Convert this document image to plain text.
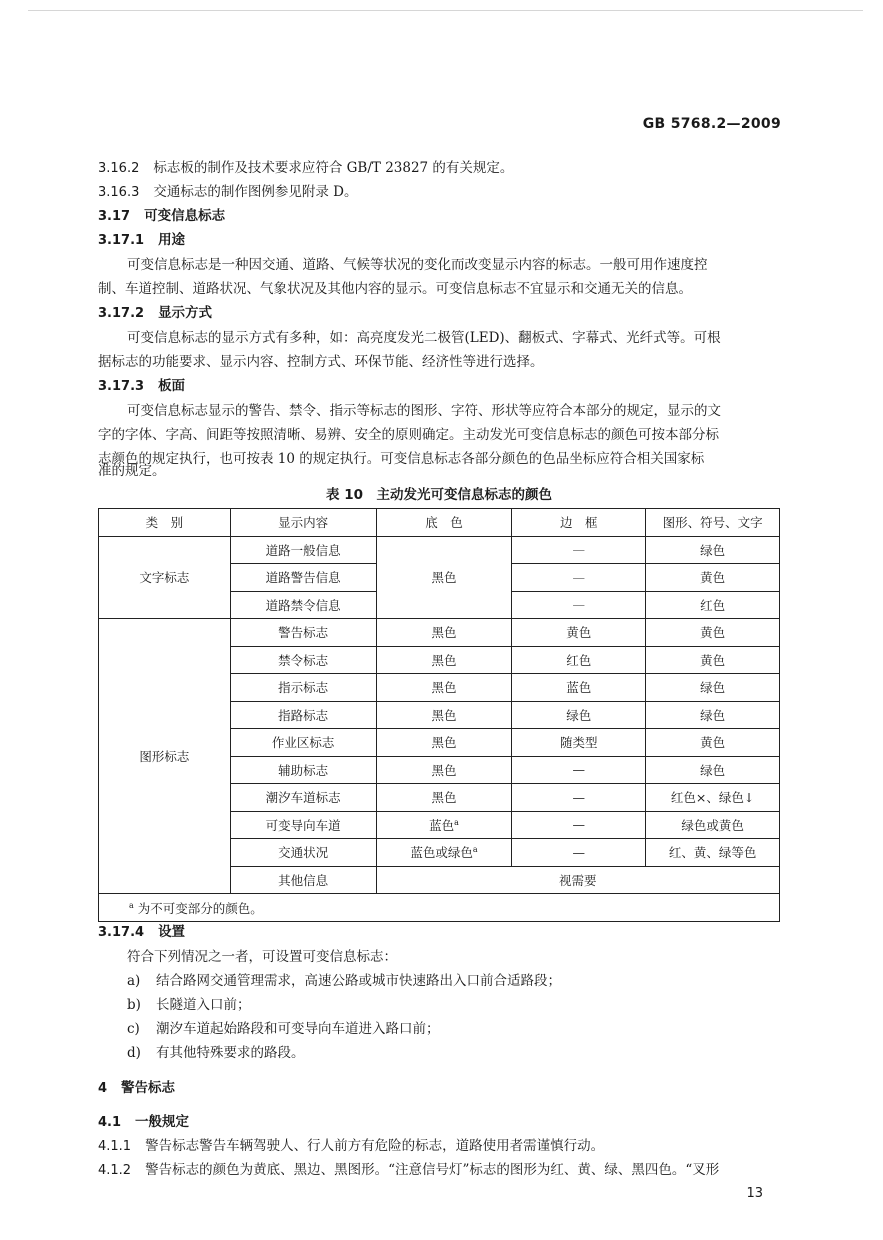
GB 5768.2—2009
3.16.2 标志板的制作及技术要求应符合 GB/T 23827 的有关规定。
3.16.3 交通标志的制作图例参见附录 D。
3.17 可变信息标志
3.17.1 用途
可变信息标志是一种因交通、道路、气候等状况的变化而改变显示内容的标志。一般可用作速度控
制、车道控制、道路状况、气象状况及其他内容的显示。可变信息标志不宜显示和交通无关的信息。
3.17.2 显示方式
可变信息标志的显示方式有多种，如：高亮度发光二极管(LED)、翻板式、字幕式、光纤式等。可根
据标志的功能要求、显示内容、控制方式、环保节能、经济性等进行选择。
3.17.3 板面
可变信息标志显示的警告、禁令、指示等标志的图形、字符、形状等应符合本部分的规定，显示的文
字的字体、字高、间距等按照清晰、易辨、安全的原则确定。主动发光可变信息标志的颜色可按本部分标
志颜色的规定执行，也可按表 10 的规定执行。可变信息标志各部分颜色的色品坐标应符合相关国家标
准的规定。
表 10　主动发光可变信息标志的颜色
类　别	显示内容	底　色	边　框	图形、符号、文字
文字标志	道路一般信息	黑色	—	绿色
	道路警告信息		—	黄色
	道路禁令信息		—	红色
图形标志	警告标志	黑色	黄色	黄色
	禁令标志	黑色	红色	黄色
	指示标志	黑色	蓝色	绿色
	指路标志	黑色	绿色	绿色
	作业区标志	黑色	随类型	黄色
	辅助标志	黑色	—	绿色
	潮汐车道标志	黑色	—	红色×、绿色↓
	可变导向车道	蓝色$^a$	—	绿色或黄色
	交通状况	蓝色或绿色$^a$	—	红、黄、绿等色
	其他信息	视需要		
$^a$ 为不可变部分的颜色。				
3.17.4 设置
符合下列情况之一者，可设置可变信息标志：
a) 结合路网交通管理需求，高速公路或城市快速路出入口前合适路段；
b) 长隧道入口前；
c) 潮汐车道起始路段和可变导向车道进入路口前；
d) 有其他特殊要求的路段。
4 警告标志
4.1 一般规定
4.1.1 警告标志警告车辆驾驶人、行人前方有危险的标志，道路使用者需谨慎行动。
4.1.2 警告标志的颜色为黄底、黑边、黑图形。“注意信号灯”标志的图形为红、黄、绿、黑四色。“叉形
13
